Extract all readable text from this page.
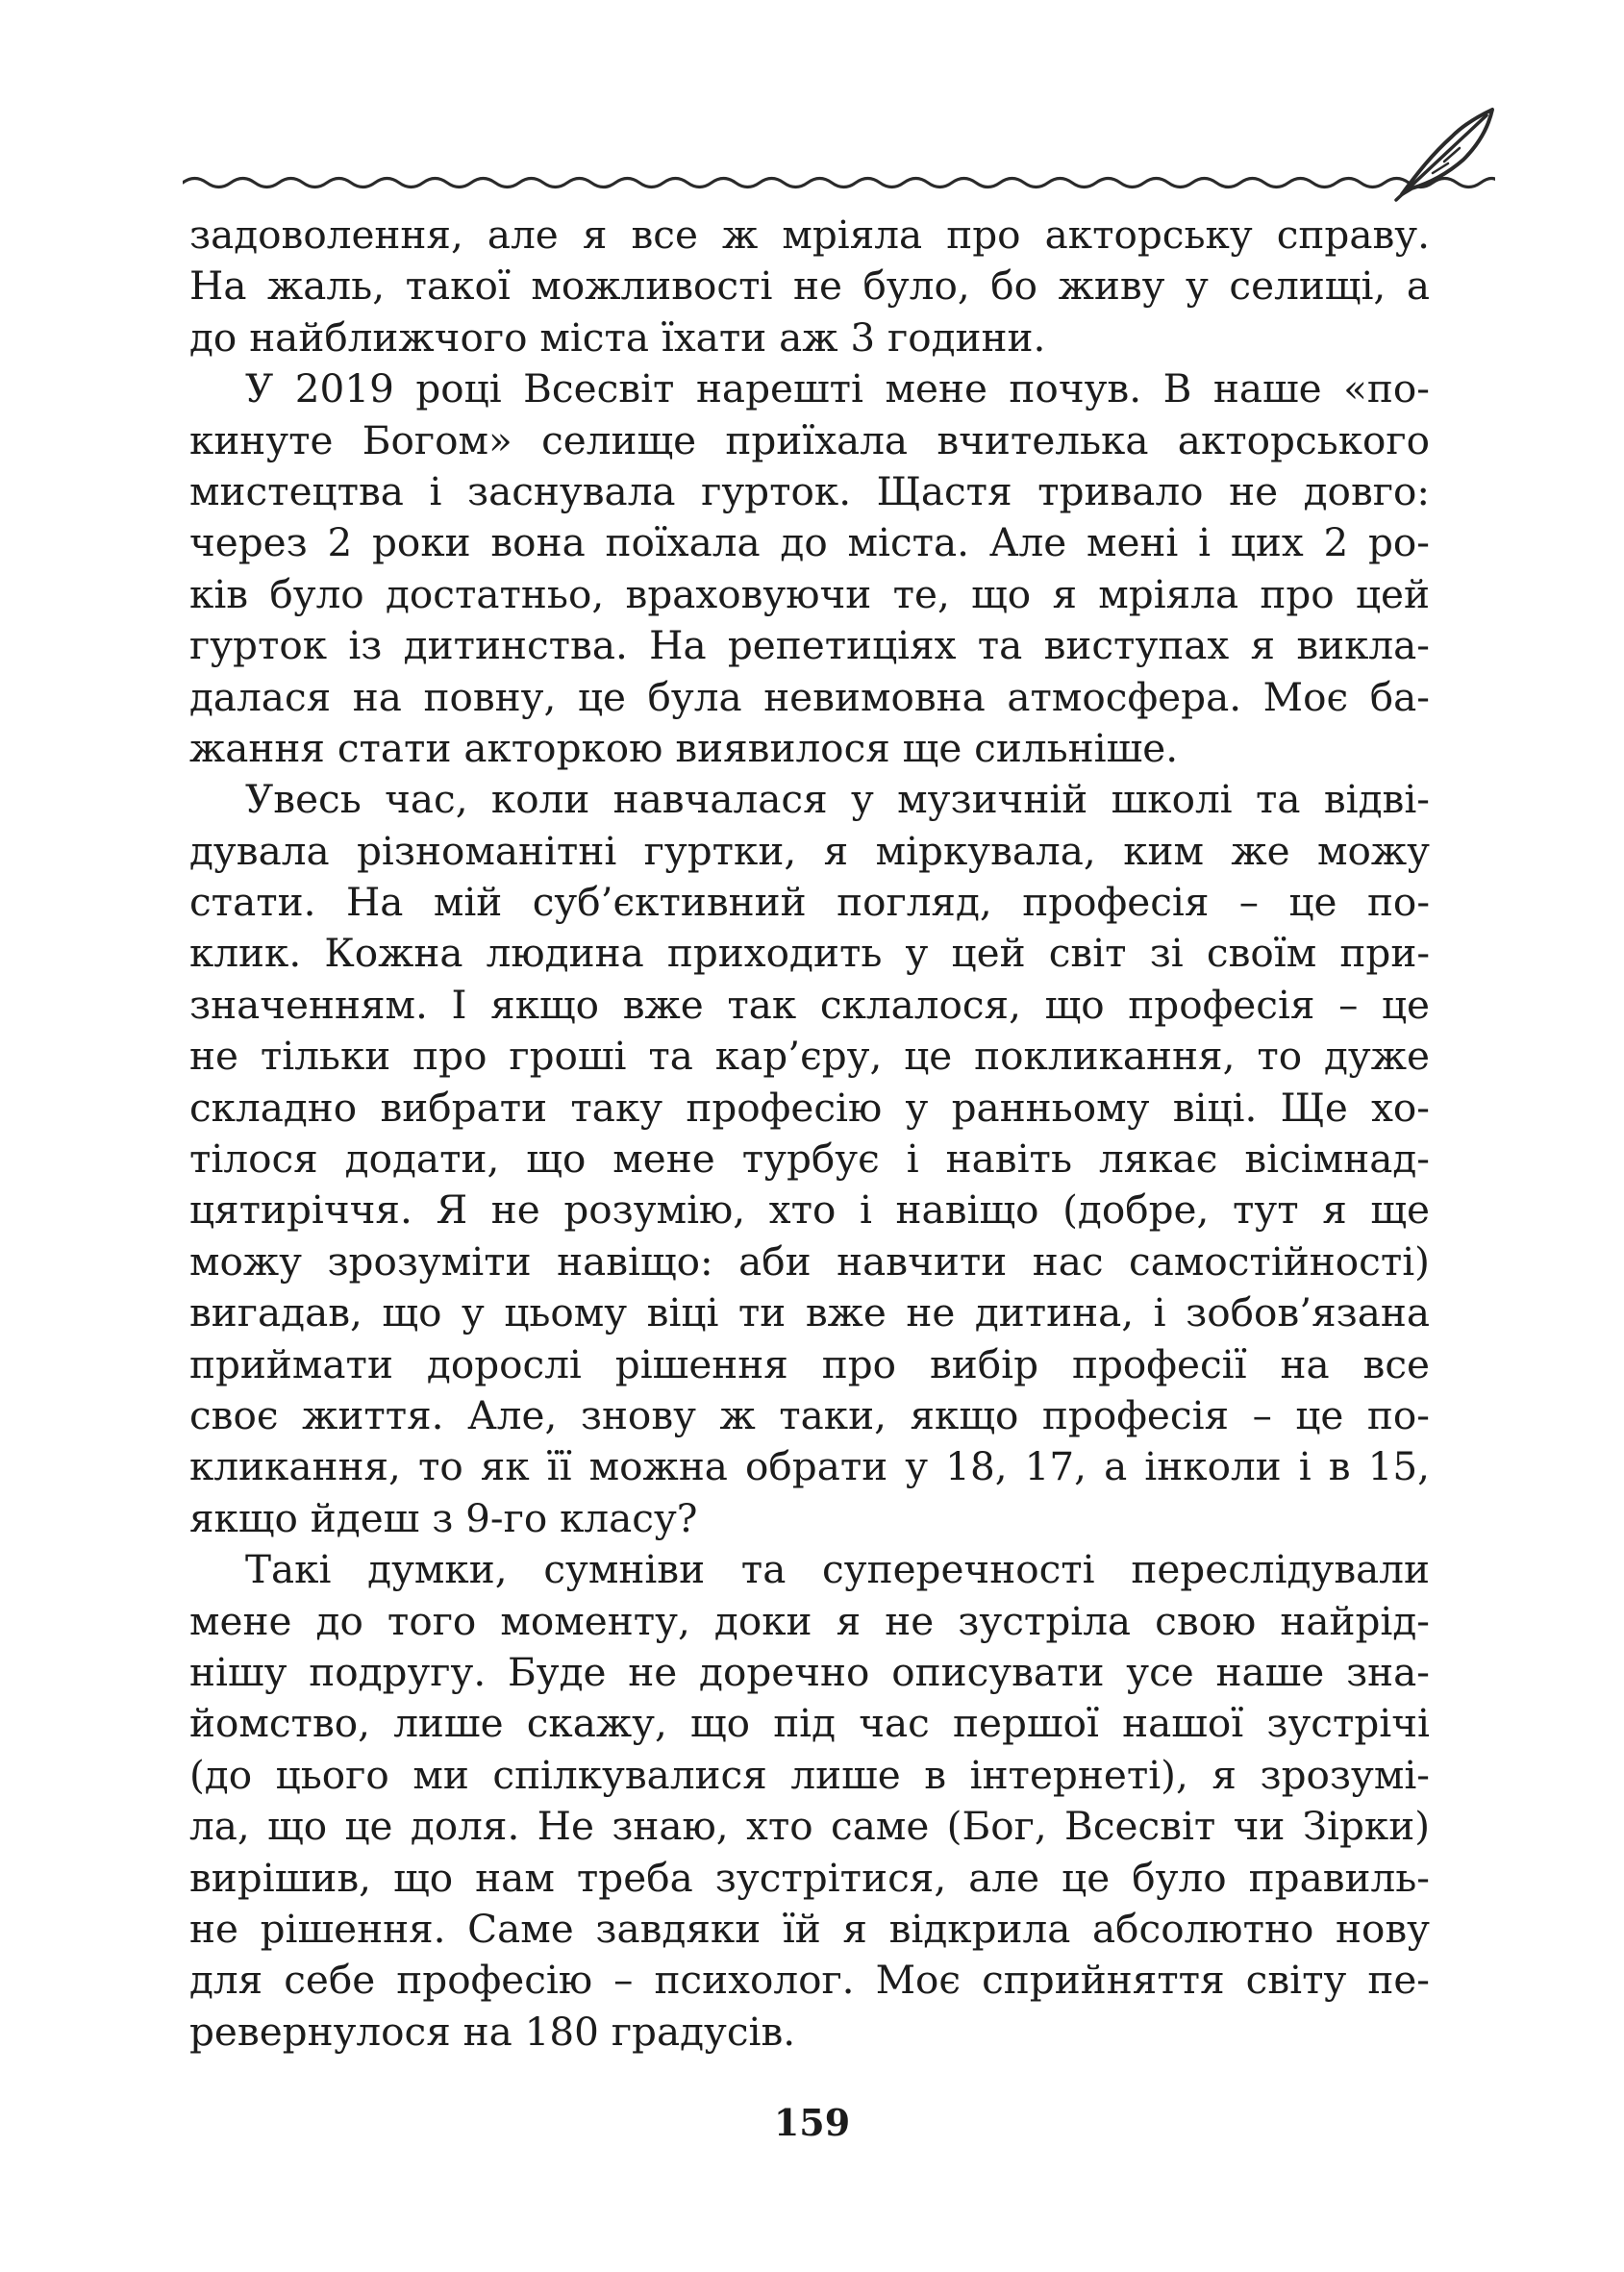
задоволення, але я все ж мріяла про акторську справу.
На жаль, такої можливості не було, бо живу у селищі, а
до найближчого міста їхати аж 3 години.
У 2019 році Всесвіт нарешті мене почув. В наше «по-
кинуте Богом» селище приїхала вчителька акторського
мистецтва і заснувала гурток. Щастя тривало не довго:
через 2 роки вона поїхала до міста. Але мені і цих 2 ро-
ків було достатньо, враховуючи те, що я мріяла про цей
гурток із дитинства. На репетиціях та виступах я викла-
далася на повну, це була невимовна атмосфера. Моє ба-
жання стати акторкою виявилося ще сильніше.
Увесь час, коли навчалася у музичній школі та відві-
дувала різноманітні гуртки, я міркувала, ким же можу
стати. На мій суб’єктивний погляд, професія – це по-
клик. Кожна людина приходить у цей світ зі своїм при-
значенням. І якщо вже так склалося, що професія – це
не тільки про гроші та кар’єру, це покликання, то дуже
складно вибрати таку професію у ранньому віці. Ще хо-
тілося додати, що мене турбує і навіть лякає вісімнад-
цятиріччя. Я не розумію, хто і навіщо (добре, тут я ще
можу зрозуміти навіщо: аби навчити нас самостійності)
вигадав, що у цьому віці ти вже не дитина, і зобов’язана
приймати дорослі рішення про вибір професії на все
своє життя. Але, знову ж таки, якщо професія – це по-
кликання, то як її можна обрати у 18, 17, а інколи і в 15,
якщо йдеш з 9-го класу?
Такі думки, сумніви та суперечності переслідували
мене до того моменту, доки я не зустріла свою найрід-
нішу подругу. Буде не доречно описувати усе наше зна-
йомство, лише скажу, що під час першої нашої зустрічі
(до цього ми спілкувалися лише в інтернеті), я зрозумі-
ла, що це доля. Не знаю, хто саме (Бог, Всесвіт чи Зірки)
вирішив, що нам треба зустрітися, але це було правиль-
не рішення. Саме завдяки їй я відкрила абсолютно нову
для себе професію – психолог. Моє сприйняття світу пе-
ревернулося на 180 градусів.
159
